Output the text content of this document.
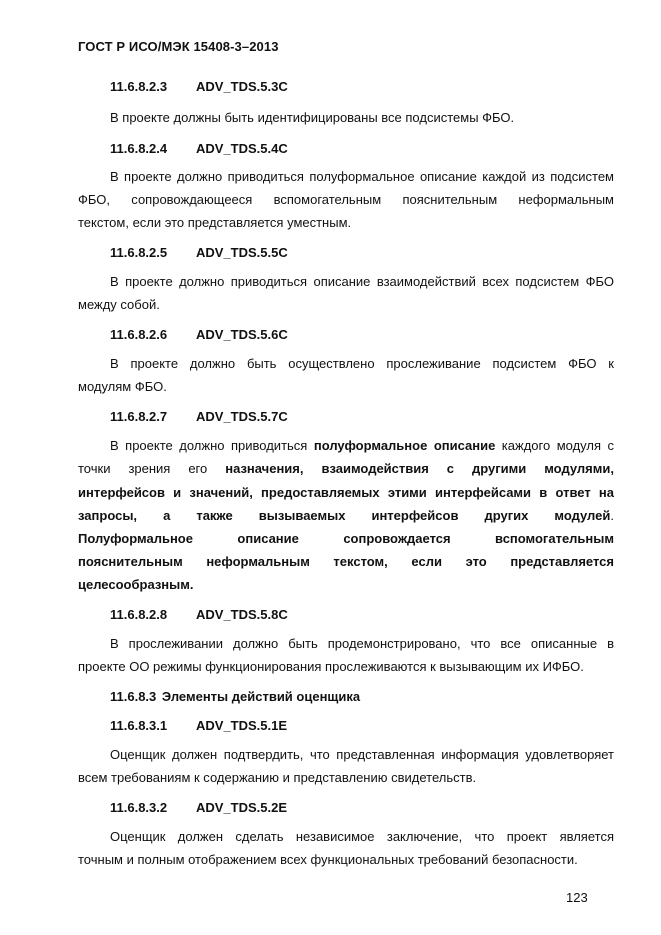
ГОСТ Р ИСО/МЭК 15408-3–2013
11.6.8.2.3 ADV_TDS.5.3C
В проекте должны быть идентифицированы все подсистемы ФБО.
11.6.8.2.4 ADV_TDS.5.4C
В проекте должно приводиться полуформальное описание каждой из подсистем
ФБО, сопровождающееся вспомогательным пояснительным неформальным
текстом, если это представляется уместным.
11.6.8.2.5 ADV_TDS.5.5C
В проекте должно приводиться описание взаимодействий всех подсистем ФБО
между собой.
11.6.8.2.6 ADV_TDS.5.6C
В проекте должно быть осуществлено прослеживание подсистем ФБО к
модулям ФБО.
11.6.8.2.7 ADV_TDS.5.7C
В проекте должно приводиться полуформальное описание каждого модуля с
точки зрения его назначения, взаимодействия с другими модулями,
интерфейсов и значений, предоставляемых этими интерфейсами в ответ на
запросы, а также вызываемых интерфейсов других модулей.
Полуформальное описание сопровождается вспомогательным
пояснительным неформальным текстом, если это представляется
целесообразным.
11.6.8.2.8 ADV_TDS.5.8C
В прослеживании должно быть продемонстрировано, что все описанные в
проекте ОО режимы функционирования прослеживаются к вызывающим их ИФБО.
11.6.8.3 Элементы действий оценщика
11.6.8.3.1 ADV_TDS.5.1E
Оценщик должен подтвердить, что представленная информация удовлетворяет
всем требованиям к содержанию и представлению свидетельств.
11.6.8.3.2 ADV_TDS.5.2E
Оценщик должен сделать независимое заключение, что проект является
точным и полным отображением всех функциональных требований безопасности.
123
